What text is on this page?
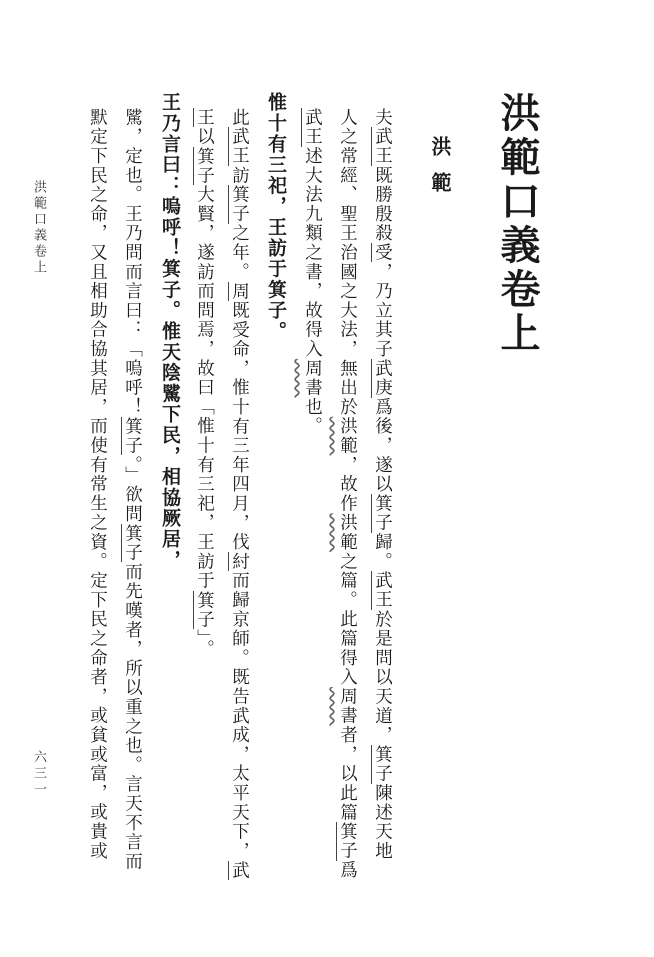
洪範口義卷上
洪範
洪範口義卷上
六三一
夫武王既勝殷殺受，乃立其子武庚爲後，遂以箕子歸。武王於是問以天道，箕子陳述天地
人之常經、聖王治國之大法，無出於洪範，故作洪範之篇。此篇得入周書者，以此篇箕子爲
武王述大法九類之書，故得入周書也。
惟十有三祀，王訪于箕子。
此武王訪箕子之年。周既受命，惟十有三年四月，伐紂而歸京師。既告武成，太平天下，武
王以箕子大賢，遂訪而問焉，故曰「惟十有三祀，王訪于箕子」。
王乃言曰：嗚呼！箕子。惟天陰騭下民，相協厥居，
騭，定也。王乃問而言曰：「嗚呼！箕子。」欲問箕子而先嘆者，所以重之也。言天不言而
默定下民之命，又且相助合協其居，而使有常生之資。定下民之命者，或貧或富，或貴或
